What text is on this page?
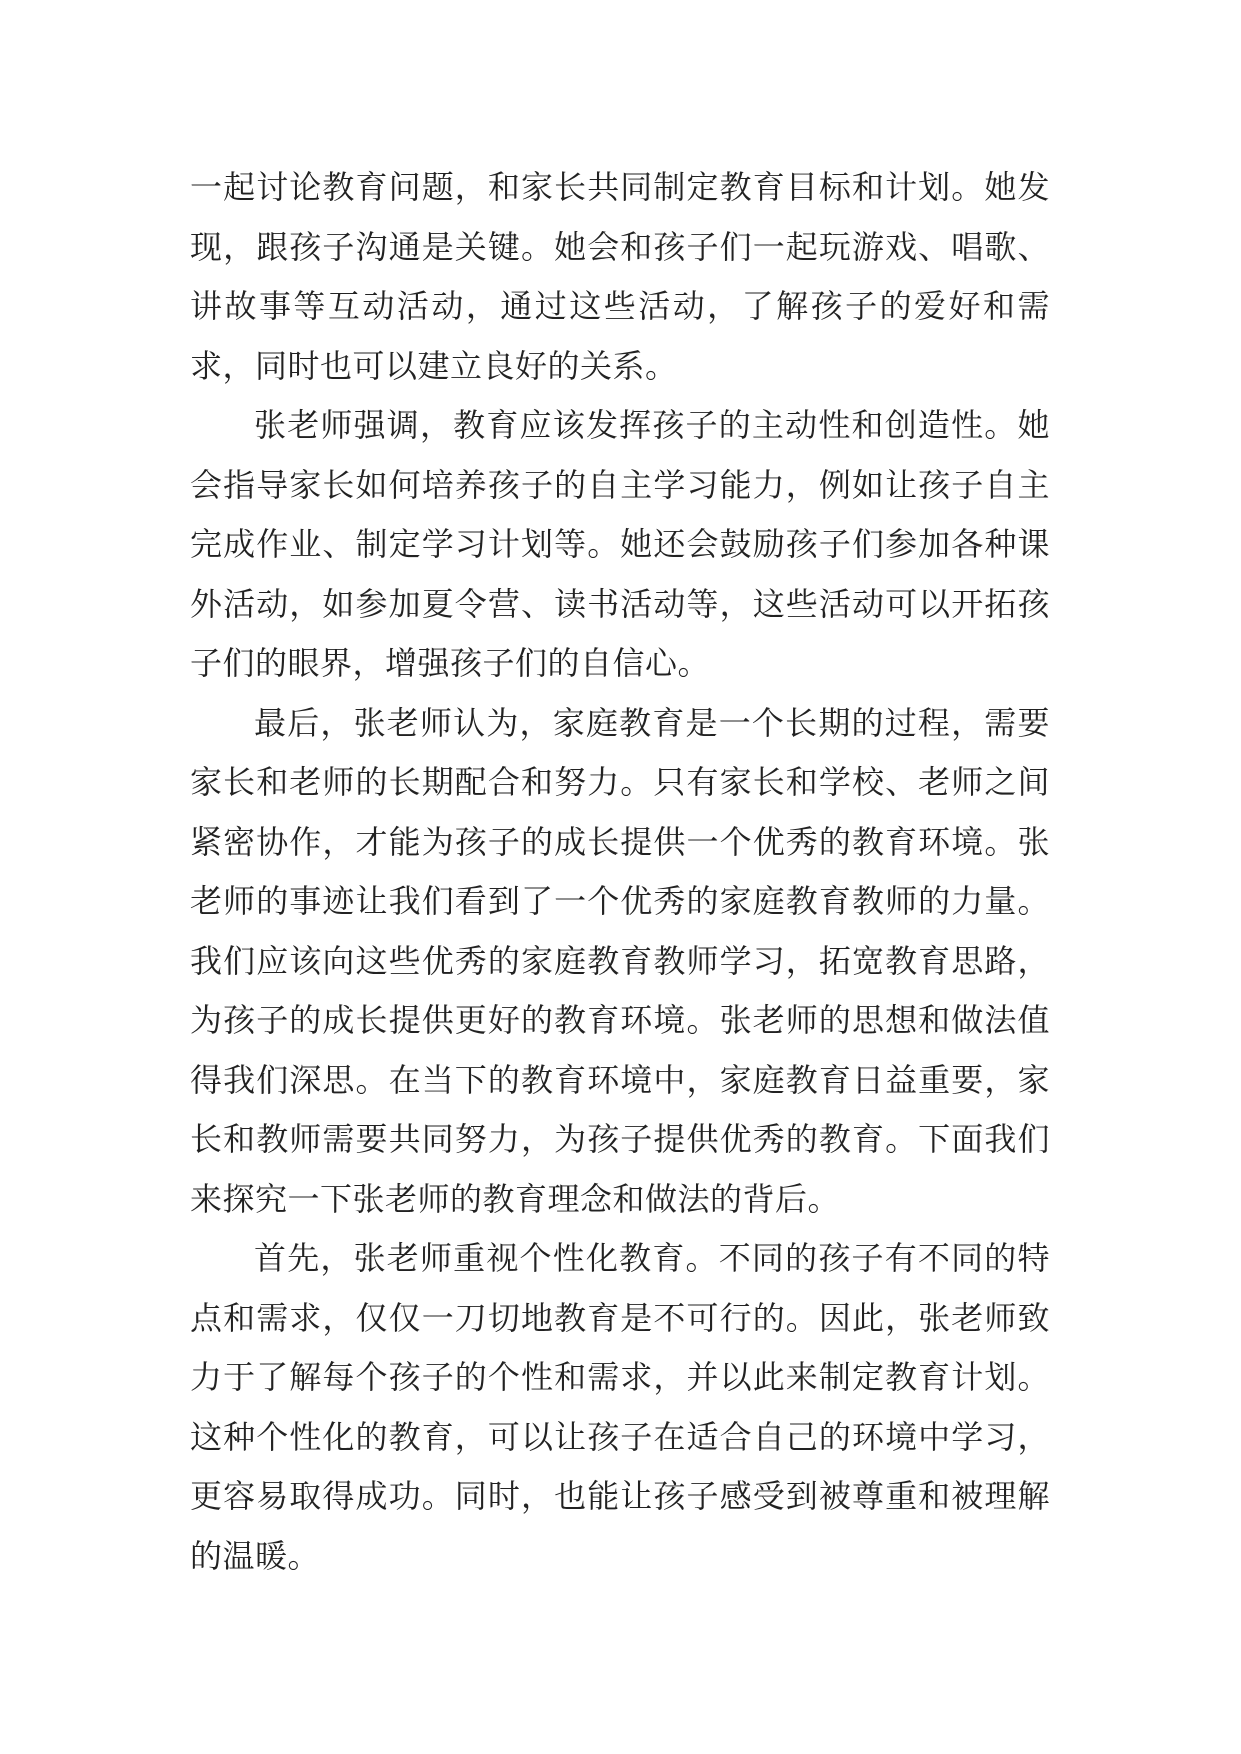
一起讨论教育问题，和家长共同制定教育目标和计划。她发现，跟孩子沟通是关键。她会和孩子们一起玩游戏、唱歌、讲故事等互动活动，通过这些活动，了解孩子的爱好和需求，同时也可以建立良好的关系。

张老师强调，教育应该发挥孩子的主动性和创造性。她会指导家长如何培养孩子的自主学习能力，例如让孩子自主完成作业、制定学习计划等。她还会鼓励孩子们参加各种课外活动，如参加夏令营、读书活动等，这些活动可以开拓孩子们的眼界，增强孩子们的自信心。

最后，张老师认为，家庭教育是一个长期的过程，需要家长和老师的长期配合和努力。只有家长和学校、老师之间紧密协作，才能为孩子的成长提供一个优秀的教育环境。张老师的事迹让我们看到了一个优秀的家庭教育教师的力量。我们应该向这些优秀的家庭教育教师学习，拓宽教育思路，为孩子的成长提供更好的教育环境。张老师的思想和做法值得我们深思。在当下的教育环境中，家庭教育日益重要，家长和教师需要共同努力，为孩子提供优秀的教育。下面我们来探究一下张老师的教育理念和做法的背后。

首先，张老师重视个性化教育。不同的孩子有不同的特点和需求，仅仅一刀切地教育是不可行的。因此，张老师致力于了解每个孩子的个性和需求，并以此来制定教育计划。这种个性化的教育，可以让孩子在适合自己的环境中学习，更容易取得成功。同时，也能让孩子感受到被尊重和被理解的温暖。
